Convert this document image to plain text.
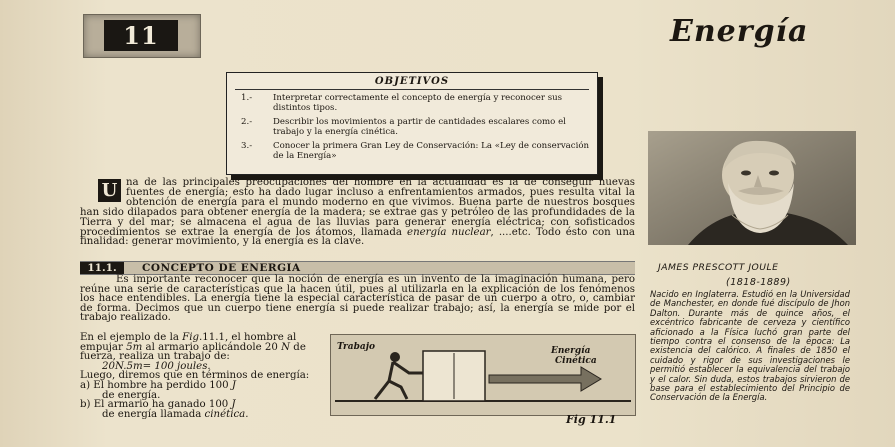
11	Energía
OBJETIVOS
1.- Interpretar correctamente el concepto de energía y reconocer sus distintos tipos.
2.- Describir los movimientos a partir de cantidades escalares como el trabajo y la energía cinética.
3.- Conocer la primera Gran Ley de Conservación: La «Ley de conservación de la Energía»
U na de las principales preocupaciones del hombre en la actualidad es la de conseguir nuevas fuentes de energía; esto ha dado lugar incluso a enfrentamientos armados, pues resulta vital la obtención de energía para el mundo moderno en que vivimos. Buena parte de nuestros bosques han sido dilapados para obtener energía de la madera; se extrae gas y petróleo de las profundidades de la Tierra y del mar; se almacena el agua de las lluvias para generar energía eléctrica; con sofisticados procedimientos se extrae la energía de los átomos, llamada energía nuclear, ....etc. Todo ésto con una finalidad: generar movimiento, y la energía es la clave.
11.1.	CONCEPTO DE ENERGIA

Es importante reconocer que la noción de energía es un invento de la imaginación humana, pero reúne una serie de características que la hacen útil, pues al utilizarla en la explicación de los fenómenos los hace entendibles. La energía tiene la especial característica de pasar de un cuerpo a otro, o, cambiar de forma. Decimos que un cuerpo tiene energía si puede realizar trabajo; así, la energía se mide por el trabajo realizado.

En el ejemplo de la Fig.11.1, el hombre al empujar 5m al armario aplicándole 20 N de fuerza, realiza un trabajo de:

20N.5m= 100 joules.

Luego, diremos que en términos de energía:

a) El hombre ha perdido 100 J
de energía.

b) El armario ha ganado 100 J
de energía llamada cinética.

Trabajo	Energía Cinética
Fig 11.1
JAMES PRESCOTT JOULE
(1818-1889)
Nacido en Inglaterra. Estudió en la Universidad de Manchester, en donde fué discípulo de Jhon Dalton. Durante más de quince años, el excéntrico fabricante de cerveza y científico aficionado a la Física luchó gran parte del tiempo contra el consenso de la época: La existencia del calórico. A finales de 1850 el cuidado y rigor de sus investigaciones le permitió establecer la equivalencia del trabajo y el calor. Sin duda, estos trabajos sirvieron de base para el establecimiento del Principio de Conservación de la Energía.
